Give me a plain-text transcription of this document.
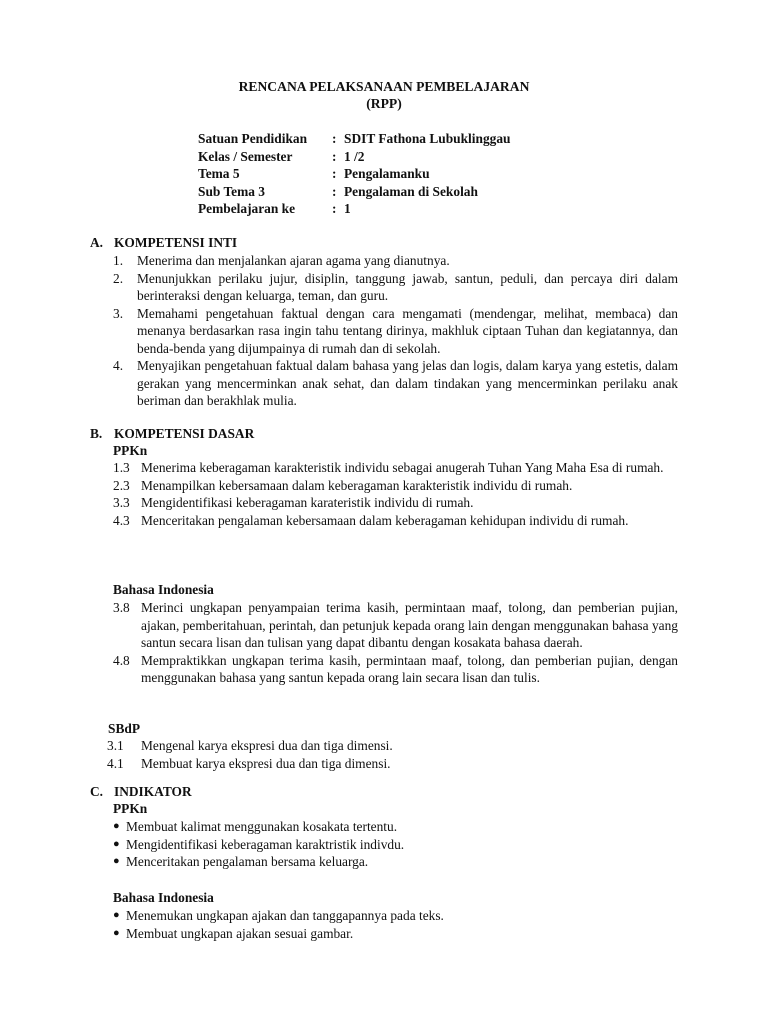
RENCANA PELAKSANAAN PEMBELAJARAN
(RPP)
Satuan Pendidikan	: SDIT Fathona Lubuklinggau
Kelas / Semester	: 1 /2
Tema 5	: Pengalamanku
Sub Tema 3	: Pengalaman di Sekolah
Pembelajaran ke	: 1
A. KOMPETENSI INTI
1.	Menerima dan menjalankan ajaran agama yang dianutnya.
2.	Menunjukkan perilaku jujur, disiplin, tanggung jawab, santun, peduli, dan percaya diri dalam berinteraksi dengan keluarga, teman, dan guru.
3.	Memahami pengetahuan faktual dengan cara mengamati (mendengar, melihat, membaca) dan menanya berdasarkan rasa ingin tahu tentang dirinya, makhluk ciptaan Tuhan dan kegiatannya, dan benda-benda yang dijumpainya di rumah dan di sekolah.
4.	Menyajikan pengetahuan faktual dalam bahasa yang jelas dan logis, dalam karya yang estetis, dalam gerakan yang mencerminkan anak sehat, dan dalam tindakan yang mencerminkan perilaku anak beriman dan berakhlak mulia.
B. KOMPETENSI DASAR
PPKn
1.3 Menerima keberagaman karakteristik individu sebagai anugerah Tuhan Yang Maha Esa di rumah.
2.3 Menampilkan kebersamaan dalam keberagaman karakteristik individu di rumah.
3.3 Mengidentifikasi keberagaman karateristik individu di rumah.
4.3 Menceritakan pengalaman kebersamaan dalam keberagaman kehidupan individu di rumah.
Bahasa Indonesia
3.8 Merinci ungkapan penyampaian terima kasih, permintaan maaf, tolong, dan pemberian pujian, ajakan, pemberitahuan, perintah, dan petunjuk kepada orang lain dengan menggunakan bahasa yang santun secara lisan dan tulisan yang dapat dibantu dengan kosakata bahasa daerah.
4.8 Mempraktikkan ungkapan terima kasih, permintaan maaf, tolong, dan pemberian pujian, dengan menggunakan bahasa yang santun kepada orang lain secara lisan dan tulis.
SBdP
3.1	Mengenal karya ekspresi dua dan tiga dimensi.
4.1	Membuat karya ekspresi dua dan tiga dimensi.
C. INDIKATOR
PPKn
● Membuat kalimat menggunakan kosakata tertentu.
● Mengidentifikasi keberagaman karaktristik indivdu.
● Menceritakan pengalaman bersama keluarga.
Bahasa Indonesia
● Menemukan ungkapan ajakan dan tanggapannya pada teks.
● Membuat ungkapan ajakan sesuai gambar.
